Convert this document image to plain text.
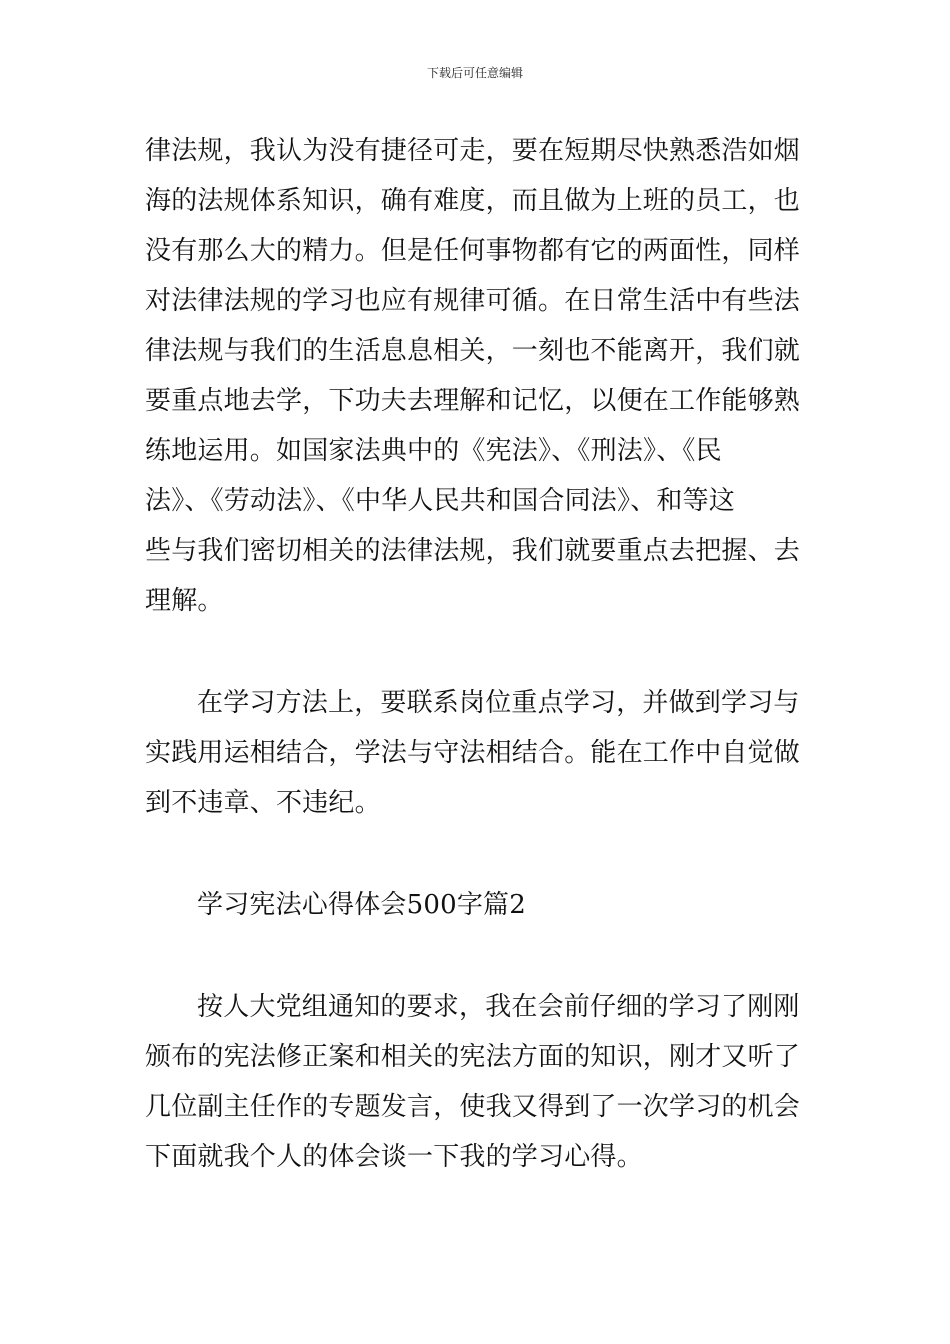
下载后可任意编辑
律法规，我认为没有捷径可走，要在短期尽快熟悉浩如烟
海的法规体系知识，确有难度，而且做为上班的员工，也
没有那么大的精力。但是任何事物都有它的两面性，同样
对法律法规的学习也应有规律可循。在日常生活中有些法
律法规与我们的生活息息相关，一刻也不能离开，我们就
要重点地去学，下功夫去理解和记忆，以便在工作能够熟
练地运用。如国家法典中的《宪法》、《刑法》、《民
法》、《劳动法》、《中华人民共和国合同法》、和等这
些与我们密切相关的法律法规，我们就要重点去把握、去
理解。
在学习方法上，要联系岗位重点学习，并做到学习与
实践用运相结合，学法与守法相结合。能在工作中自觉做
到不违章、不违纪。
学习宪法心得体会500字篇2
按人大党组通知的要求，我在会前仔细的学习了刚刚
颁布的宪法修正案和相关的宪法方面的知识，刚才又听了
几位副主任作的专题发言，使我又得到了一次学习的机会
下面就我个人的体会谈一下我的学习心得。
